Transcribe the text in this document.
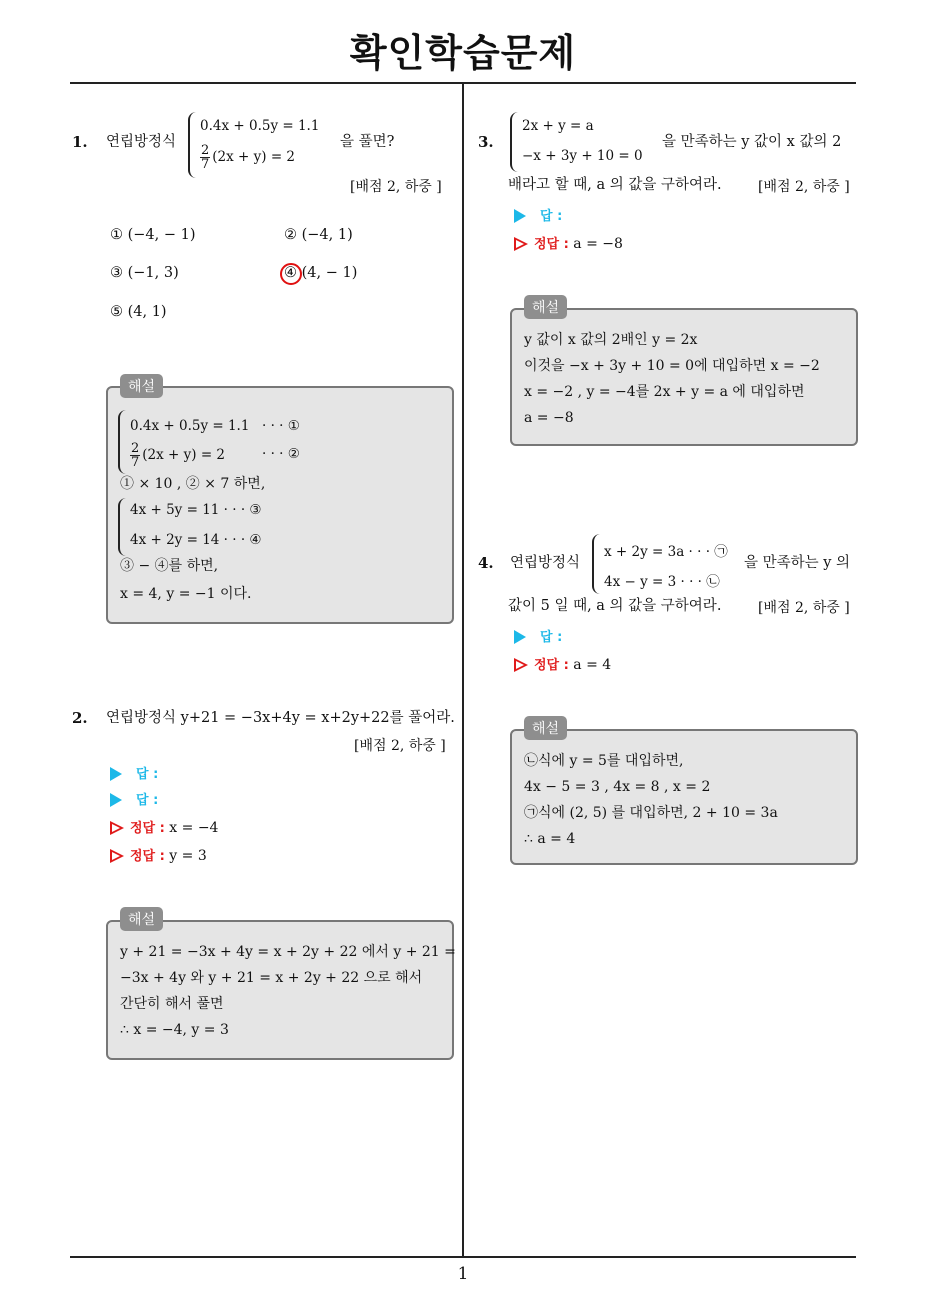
확인학습문제
1
1. 연립방정식
0.4x + 0.5y = 1.1
$\frac{2}{7} (2x + y) = 2$
을 풀면?
[배점 2, 하중 ]
① (−4, − 1)	② (−4, 1)
③ (−1, 3)	④ (4, − 1)
⑤ (4, 1)
0.4x + 0.5y = 1.1 · · · ①
$\frac{2}{7} (2x + y) = 2$	· · · ②
① × 10 , ② × 7 하면,
4x + 5y = 11 · · · ③
4x + 2y = 14 · · · ④
③ − ④를 하면,
x = 4, y = −1 이다.
해설
2. 연립방정식 y+21 = −3x+4y = x+2y+22를 풀어라.
[배점 2, 하중 ]
답 :
답 :
정답 : x = −4
정답 : y = 3
y + 21 = −3x + 4y = x + 2y + 22 에서 y + 21 =
−3x + 4y 와 y + 21 = x + 2y + 22 으로 해서
간단히 해서 풀면
∴ x = −4, y = 3
해설
3.
2x + y = a
−x + 3y + 10 = 0
을 만족하는 y 값이 x 값의 2
배라고 할 때, a 의 값을 구하여라.	[배점 2, 하중 ]
답 :
정답 : a = −8
y 값이 x 값의 2배인 y = 2x
이것을 −x + 3y + 10 = 0에 대입하면 x = −2
x = −2 , y = −4를 2x + y = a 에 대입하면
a = −8
해설
4. 연립방정식
x + 2y = 3a · · · ㉠
4x − y = 3 · · · ㉡
을 만족하는 y 의
값이 5 일 때, a 의 값을 구하여라.	[배점 2, 하중 ]
답 :
정답 : a = 4
㉡식에 y = 5를 대입하면,
4x − 5 = 3 , 4x = 8 , x = 2
㉠식에 (2, 5) 를 대입하면, 2 + 10 = 3a
∴ a = 4
해설
